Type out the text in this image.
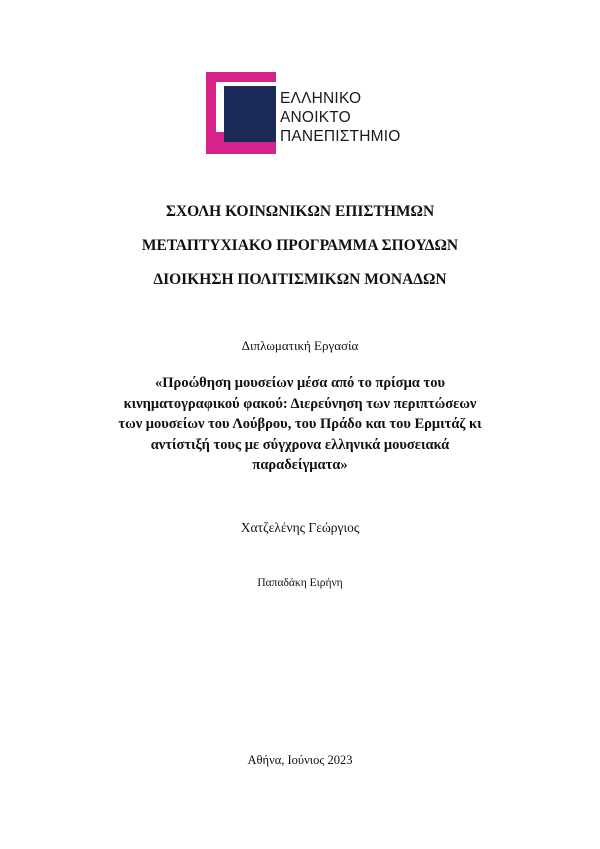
ΕΛΛΗΝΙΚΟ
ΑΝΟΙΚΤΟ
ΠΑΝΕΠΙΣΤΗΜΙΟ
ΣΧΟΛΗ ΚΟΙΝΩΝΙΚΩΝ ΕΠΙΣΤΗΜΩΝ
ΜΕΤΑΠΤΥΧΙΑΚΟ ΠΡΟΓΡΑΜΜΑ ΣΠΟΥΔΩΝ
ΔΙΟΙΚΗΣΗ ΠΟΛΙΤΙΣΜΙΚΩΝ ΜΟΝΑΔΩΝ
Διπλωματική Εργασία
«Προώθηση μουσείων μέσα από το πρίσμα του
κινηματογραφικού φακού: Διερεύνηση των περιπτώσεων
των μουσείων του Λούβρου, του Πράδο και του Ερμιτάζ κι
αντίστιξή τους με σύγχρονα ελληνικά μουσειακά
παραδείγματα»
Χατζελένης Γεώργιος
Παπαδάκη Ειρήνη
Αθήνα, Ιούνιος 2023
